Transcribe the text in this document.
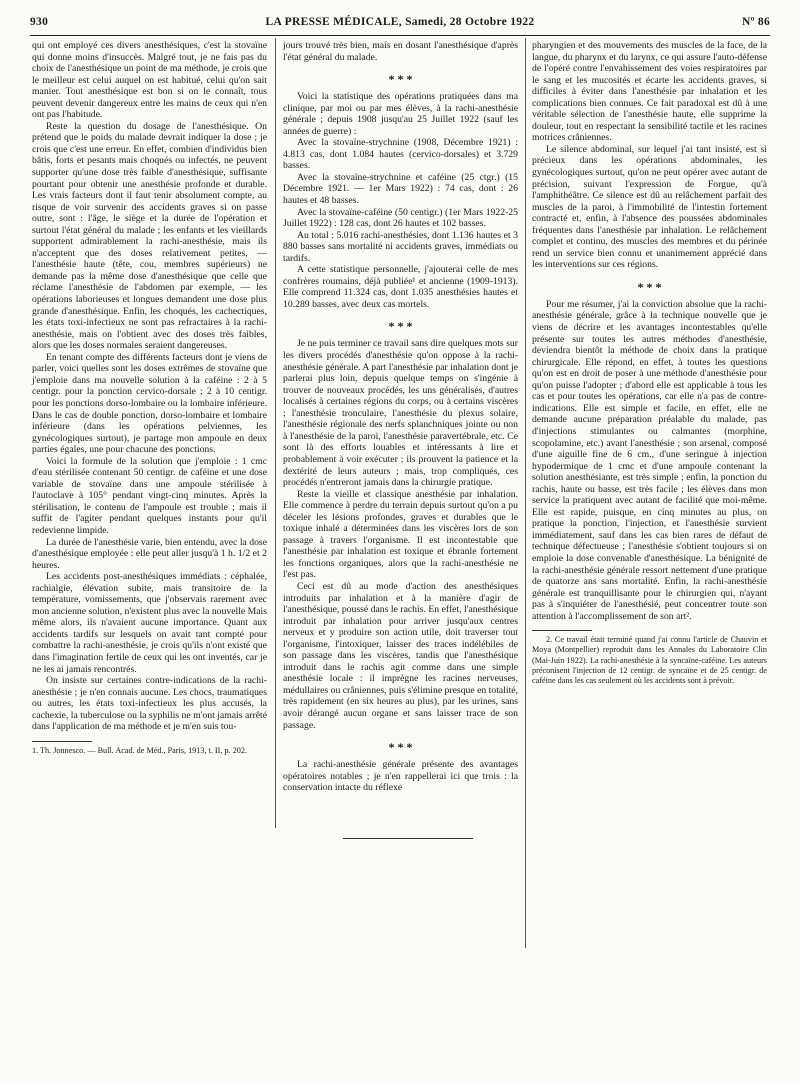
930	LA PRESSE MÉDICALE, Samedi, 28 Octobre 1922	Nº 86

qui ont employé ces divers anesthésiques, c'est la stovaïne qui donne moins d'insuccès. Malgré tout, je ne fais pas du choix de l'anesthésique un point de ma méthode, je crois que le meilleur est celui auquel on est habitué, celui qu'on sait manier. Tout anesthésique est bon si on le connaît, tous peuvent devenir dangereux entre les mains de ceux qui n'en ont pas l'habitude.

Reste la question du dosage de l'anesthésique. On prétend que le poids du malade devrait indiquer la dose ; je crois que c'est une erreur. En effet, combien d'individus bien bâtis, forts et pesants mais choqués ou infectés, ne peuvent supporter qu'une dose très faible d'anesthésique, suffisante pourtant pour obtenir une anesthésie profonde et durable. Les vrais facteurs dont il faut tenir absolument compte, au risque de voir survenir des accidents graves si on passe outre, sont : l'âge, le siège et la durée de l'opération et surtout l'état général du malade ; les enfants et les vieillards supportent admirablement la rachi-anesthésie, mais ils n'acceptent que des doses relativement petites, — l'anesthésie haute (tête, cou, membres supérieurs) ne demande pas la même dose d'anesthésique que celle que réclame l'anesthésie de l'abdomen par exemple, — les opérations laborieuses et longues demandent une dose plus grande d'anesthésique. Enfin, les choqués, les cachectiques, les états toxi-infectieux ne sont pas refractaires à la rachi-anesthésie, mais on l'obtient avec des doses très faibles, alors que les doses normales seraient dangereuses.

En tenant compte des différents facteurs dont je viens de parler, voici quelles sont les doses extrêmes de stovaïne que j'emploie dans ma nouvelle solution à la caféine : 2 à 5 centigr. pour la ponction cervico-dorsale ; 2 à 10 centigr. pour les ponctions dorso-lombaire ou la lombaire inférieure. Dans le cas de double ponction, dorso-lombaire et lombaire inférieure (dans les opérations pelviennes, les gynécologiques surtout), je partage mon ampoule en deux parties égales, une pour chacune des ponctions.

Voici la formule de la solution que j'emploie : 1 cmc d'eau stérilisée contenant 50 centigr. de caféine et une dose variable de stovaïne dans une ampoule stérilisée à l'autoclave à 105° pendant vingt-cinq minutes. Après la stérilisation, le contenu de l'ampoule est trouble ; mais il suffit de l'agiter pendant quelques instants pour qu'il redevienne limpide.

La durée de l'anesthésie varie, bien entendu, avec la dose d'anesthésique employée : elle peut aller jusqu'à 1 h. 1/2 et 2 heures.

Les accidents post-anesthésiques immédiats : céphalée, rachialgie, élévation subite, mais transitoire de la température, vomissements, que j'observais rarement avec mon ancienne solution, n'existent plus avec la nouvelle Mais même alors, ils n'avaient aucune importance. Quant aux accidents tardifs sur lesquels on avait tant compté pour combattre la rachi-anesthésie, je crois qu'ils n'ont existé que dans l'imagination fertile de ceux qui les ont inventés, car je ne les ai jamais rencontrés.

On insiste sur certaines contre-indications de la rachi-anesthésie ; je n'en connais aucune. Les chocs, traumatiques ou autres, les états toxi-infectieux les plus accusés, la cachexie, la tuberculose ou la syphilis ne m'ont jamais arrêté dans l'application de ma méthode et je m'en suis tou-

1. Th. Jonnesco. — Bull. Acad. de Méd., Paris, 1913, t. II, p. 202.

jours trouvé très bien, mais en dosant l'anesthésique d'après l'état général du malade.

* * *

Voici la statistique des opérations pratiquées dans ma clinique, par moi ou par mes élèves, à la rachi-anesthésie générale ; depuis 1908 jusqu'au 25 Juillet 1922 (sauf les années de guerre) :

Avec la stovaïne-strychnine (1908, Décembre 1921) : 4.813 cas, dont 1.084 hautes (cervico-dorsales) et 3.729 basses.

Avec la stovaïne-strychnine et caféine (25 ctgr.) (15 Décembre 1921. — 1er Mars 1922) : 74 cas, dont : 26 hautes et 48 basses.

Avec la stovaïne-caféine (50 centigr.) (1er Mars 1922-25 Juillet 1922) : 128 cas, dont 26 hautes et 102 basses.

Au total : 5.016 rachi-anesthésies, dont 1.136 hautes et 3 880 basses sans mortalité ni accidents graves, immédiats ou tardifs.

A cette statistique personnelle, j'ajouterai celle de mes confrères roumains, déjà publiée¹ et ancienne (1909-1913). Elle comprend 11.324 cas, dont 1.035 anesthésies hautes et 10.289 basses, avec deux cas mortels.

* * *

Je ne puis terminer ce travail sans dire quelques mots sur les divers procédés d'anesthésie qu'on oppose à la rachi-anesthésie générale. A part l'anesthésie par inhalation dont je parlerai plus loin, depuis quelque temps on s'ingénie à trouver de nouveaux procédés, les uns généralisés, d'autres localisés à certaines régions du corps, ou à certains viscères ; l'anesthésie tronculaire, l'anesthésie du plexus solaire, l'anesthésie régionale des nerfs splanchniques jointe ou non à l'anesthésie de la paroi, l'anesthésie paravertébrale, etc. Ce sont là des efforts louables et intéressants à lire et probablement à voir exécuter ; ils prouvent la patience et la dextérité de leurs auteurs ; mais, trop compliqués, ces procédés n'entreront jamais dans la chirurgie pratique.

Reste la vieille et classique anesthésie par inhalation. Elle commence à perdre du terrain depuis surtout qu'on a pu déceler les lésions profondes, graves et durables que le toxique inhalé a déterminées dans les viscères lors de son passage à travers l'organisme. Il est incontestable que l'anesthésie par inhalation est toxique et ébranle fortement les fonctions organiques, alors que la rachi-anesthésie ne l'est pas.

Ceci est dû au mode d'action des anesthésiques introduits par inhalation et à la manière d'agir de l'anesthésique, poussé dans le rachis. En effet, l'anesthésique introduit par inhalation pour arriver jusqu'aux centres nerveux et y produire son action utile, doit traverser tout l'organisme, l'intoxiquer, laisser des traces indélébiles de son passage dans les viscères, tandis que l'anesthésique introduit dans le rachis agit comme dans une simple anesthésie locale : il imprègne les racines nerveuses, médullaires ou crâniennes, puis s'élimine presque en totalité, très rapidement (en six heures au plus), par les urines, sans avoir dérangé aucun organe et sans laisser trace de son passage.

* * *

La rachi-anesthésie générale présente des avantages opératoires notables ; je n'en rappellerai ici que trois : la conservation intacte du réflexe

pharyngien et des mouvements des muscles de la face, de la langue, du pharynx et du larynx, ce qui assure l'auto-défense de l'opéré contre l'envahissement des voies respiratoires par le sang et les mucosités et écarte les accidents graves, si difficiles à éviter dans l'anesthésie par inhalation et les complications bien connues. Ce fait paradoxal est dû à une véritable sélection de l'anesthésie haute, elle supprime la douleur, tout en respectant la sensibilité tactile et les racines motrices crâniennes.

Le silence abdominal, sur lequel j'ai tant insisté, est si précieux dans les opérations abdominales, les gynécologiques surtout, qu'on ne peut opérer avec autant de précision, suivant l'expression de Forgue, qu'à l'amphithéâtre. Ce silence est dû au relâchement parfait des muscles de la paroi, à l'immobilité de l'intestin fortement contracté et, enfin, à l'absence des poussées abdominales fréquentes dans l'anesthésie par inhalation. Le relâchement complet et continu, des muscles des membres et du périnée rend un service bien connu et unanimement apprécié dans les interventions sur ces régions.

* * *

Pour me résumer, j'ai la conviction absolue que la rachi-anesthésie générale, grâce à la technique nouvelle que je viens de décrire et les avantages incontestables qu'elle présente sur toutes les autres méthodes d'anesthésie, deviendra bientôt la méthode de choix dans la pratique chirurgicale. Elle répond, en effet, à toutes les questions qu'on est en droit de poser à une méthode d'anesthésie pour qu'on puisse l'adopter ; d'abord elle est applicable à tous les cas et pour toutes les opérations, car elle n'a pas de contre-indications. Elle est simple et facile, en effet, elle ne demande aucune préparation préalable du malade, pas d'injections stimulantes ou calmantes (morphine, scopolamine, etc.) avant l'anesthésie ; son arsenal, composé d'une aiguille fine de 6 cm., d'une seringue à injection hypodermique de 1 cmc et d'une ampoule contenant la solution anesthésiante, est très simple ; enfin, la ponction du rachis, haute ou basse, est très facile ; les élèves dans mon service la pratiquent avec autant de facilité que moi-même. Elle est rapide, puisque, en cinq minutes au plus, on pratique la ponction, l'injection, et l'anesthésie survient immédiatement, sauf dans les cas bien rares de défaut de technique défectueuse ; l'anesthésie s'obtient toujours si on emploie la dose convenable d'anesthésique. La bénignité de la rachi-anesthésie générale ressort nettement d'une pratique de quatorze ans sans mortalité. Enfin, la rachi-anesthésie générale est tranquillisante pour le chirurgien qui, n'ayant pas à s'inquiéter de l'anesthésié, peut concentrer toute son attention à l'accomplissement de son art².

2. Ce travail était terminé quand j'ai connu l'article de Chauvin et Moya (Montpellier) reproduit dans les Annales du Laboratoire Clin (Mai-Juin 1922). La rachi-anesthésie à la syncaïne-caféine. Les auteurs préconisent l'injection de 12 centigr. de syncaïne et de 25 centigr. de caféine dans les cas seulement où les accidents sont à prévoir.
